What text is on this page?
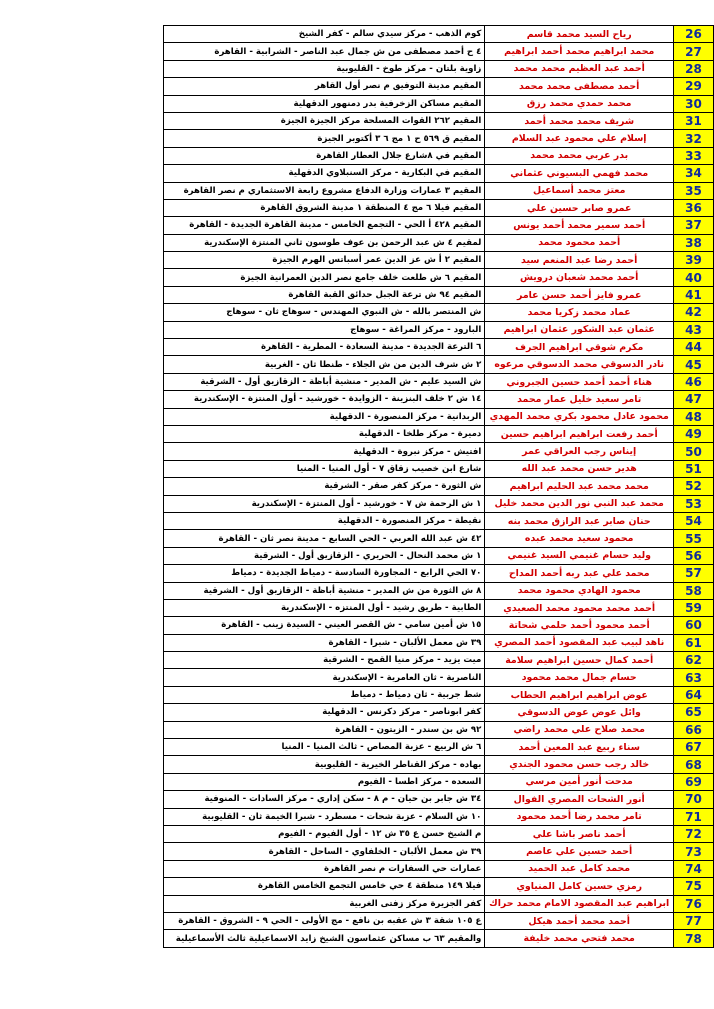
كوم الذهب - مركز سيدي سالم - كفر الشيخ	رياح السيد محمد قاسم	26
٤ ح أحمد مصطفى من ش جمال عبد الناصر - الشرابية - القاهرة	محمد ابراهيم محمد أحمد ابراهيم	27
زاوية بلتان - مركز طوخ - القليوبية	أحمد عبد العظيم محمد محمد	28
المقيم مدينة التوفيق م نصر أول القاهر	أحمد مصطفى محمد محمد	29
المقيم مساكن الزخرفية بدر دمنهور الدقهلية	محمد حمدي محمد رزق	30
المقيم ٢٦٢ القوات المسلحة مركز الجيزة الجيزة	شريف محمد محمد أحمد	31
المقيم ق ٥٦٩ ح ١ مج ٦ ٣ أكتوبر الجيزة	إسلام علي محمود عبد السلام	32
المقيم في ٨شارع جلال العطار القاهرة	بدر عربي محمد محمد	33
المقيم في البكارية - مركز السنبلاوي الدقهلية	محمد فهمي البسيوني عثماني	34
المقيم ٣ عمارات وزارة الدفاع مشروع رابعة الاستثماري م نصر القاهرة	معتز محمد أسماعيل	35
المقيم فيلا ٦ مج ٤ المنطقة ١ مدينة الشروق القاهرة	عمرو صابر حسين علي	36
المقيم ٤٢٨ أ الحي - التجمع الخامس - مدينة القاهرة الجديدة - القاهرة	أحمد سمير محمد أحمد يونس	37
لمقيم ٤ ش عبد الرحمن بن عوف طوسون ثاني المنتزة الإسكندرية	أحمد محمود محمد	38
المقيم ٢ أ ش عز الدين عمر أسباتس الهرم الجيزة	أحمد رضا عبد المنعم سيد	39
المقيم ٦ ش طلعت خلف جامع نصر الدين العمرانية الجيزة	أحمد محمد شعبان درويش	40
المقيم ٩٤ ش ترعة الجبل حدائق القبة القاهرة	عمرو فايز أحمد حسن عامر	41
ش المنتصر بالله - ش النبوي المهندس - سوهاج ثان - سوهاج	عماد محمد زكريا محمد	42
البارود - مركز المراغة - سوهاج	عثمان عبد الشكور عثمان ابراهيم	43
٦ الترعة الجديدة - مدينة السعادة - المطرية - القاهرة	مكرم شوقي ابراهيم الجرف	44
٢ ش شرف الدين من ش الجلاء - طنطا ثان - الغربية	نادر الدسوقي محمد الدسوقي مرعوه	45
ش السيد عليم - ش المدير - منشية أباظة - الزقازيق أول - الشرقية	هناء أحمد أحمد حسين الجبروني	46
١٤ ش ٢ خلف البنزينة - الزوايدة - خورشيد - أول المنتزة - الإسكندرية	تامر سعيد خليل عمار محمد	47
الربدانية - مركز المنصورة - الدقهلية	محمود عادل محمود بكري محمد المهدي	48
دميرة - مركز طلخا - الدقهلية	أحمد رفعت ابراهيم ابراهيم حسين	49
افتيش - مركز نبروة - الدقهلية	إيناس رجب العراقي عمر	50
شارع ابن خصيب زقاق ٧ - أول المنيا - المنيا	هدير حسن محمد عبد الله	51
ش الثورة - مركز كفر صقر - الشرقية	محمد محمد عبد الحليم ابراهيم	52
١ ش الرحمة ش ٧ - خورشيد - أول المنتزة - الإسكندرية	محمد عبد النبي نور الدين محمد خليل	53
نقيطة - مركز المنصورة - الدقهلية	حنان صابر عبد الرازق محمد بنه	54
٤٢ ش عبد الله العربي - الحي السابع - مدينة نصر ثان - القاهرة	محمود سعيد محمد عبده	55
١ ش محمد النحال - الحريري - الزقازيق أول - الشرقية	وليد حسام غنيمي السيد غنيمي	56
٧٠ الحي الرابع - المجاورة السادسة - دمياط الجديدة - دمياط	محمد علي عبد ربه أحمد المداح	57
٨ ش الثورة من ش المدير - منشية أباظة - الزقازيق أول - الشرقية	محمود الهادي محمود محمد	58
الطابية - طريق رشيد - أول المنتزه - الإسكندرية	أحمد محمد محمود محمد الصعيدي	59
١٥ ش أمين سامي - ش القصر العيني - السيدة زينب - القاهرة	أحمد محمود أحمد حلمي شحاتة	60
٣٩ ش معمل الألبان - شبرا - القاهرة	ناهد لبيب عبد المقصود أحمد المصري	61
ميت يزيد - مركز منيا القمح - الشرقية	أحمد كمال حسين ابراهيم سلامة	62
الناصرية - ثان العامرية - الإسكندرية	حسام جمال محمد محمود	63
شط جربية - ثان دمياط - دمياط	عوض ابراهيم ابراهيم الحطاب	64
كفر ابوناصر - مركز دكرنس - الدقهلية	وائل عوض عوض الدسوقي	65
٩٢ ش بن سندر - الزيتون - القاهرة	محمد صلاح علي محمد راضي	66
٦ ش الربيع - عزبة المصاص - ثالث المنيا - المنيا	سناء ربيع عبد المعين أحمد	67
بهاده - مركز القناطر الخيرية - القليوبية	خالد رجب حسن محمود الجندي	68
السعده - مركز اطسا - الفيوم	مدحت أنور أمين مرسي	69
٣٤ ش جابر بن حيان - م ٨ - سكن إداري - مركز السادات - المنوفية	أنور الشحات المصري الفوال	70
١٠ ش السلام - عزبة شحات - مسطرد - شبرا الخيمة ثان - القليوبية	تامر محمد رضا أحمد محمود	71
م الشيخ حسن ع ٣٥ ش ١٢ - أول الفيوم - الفيوم	أحمد ناصر باشا علي	72
٣٩ ش معمل الألبان - الخلفاوي - الساحل - القاهرة	أحمد حسين علي عاصم	73
عمارات حي السفارات م نصر القاهرة	محمد كامل عبد الحميد	74
فيلا ١٤٩ منطقة ٤ حي خامس التجمع الخامس القاهرة	رمزي حسين كامل المنياوي	75
كفر الجزيرة مركز زفتى الغربية	ابراهيم عبد المقصود الامام محمد حراك	76
ع ١٠٥ شقة ٣ ش عقبه بن نافع - مج الأولى - الحي ٩ - الشروق - القاهرة	أحمد محمد أحمد هيكل	77
والمقيم ٦٣ ب مساكن عثماسون الشيخ زايد الاسماعيلية ثالث الأسماعيلية	محمد فتحي محمد خليفة	78
